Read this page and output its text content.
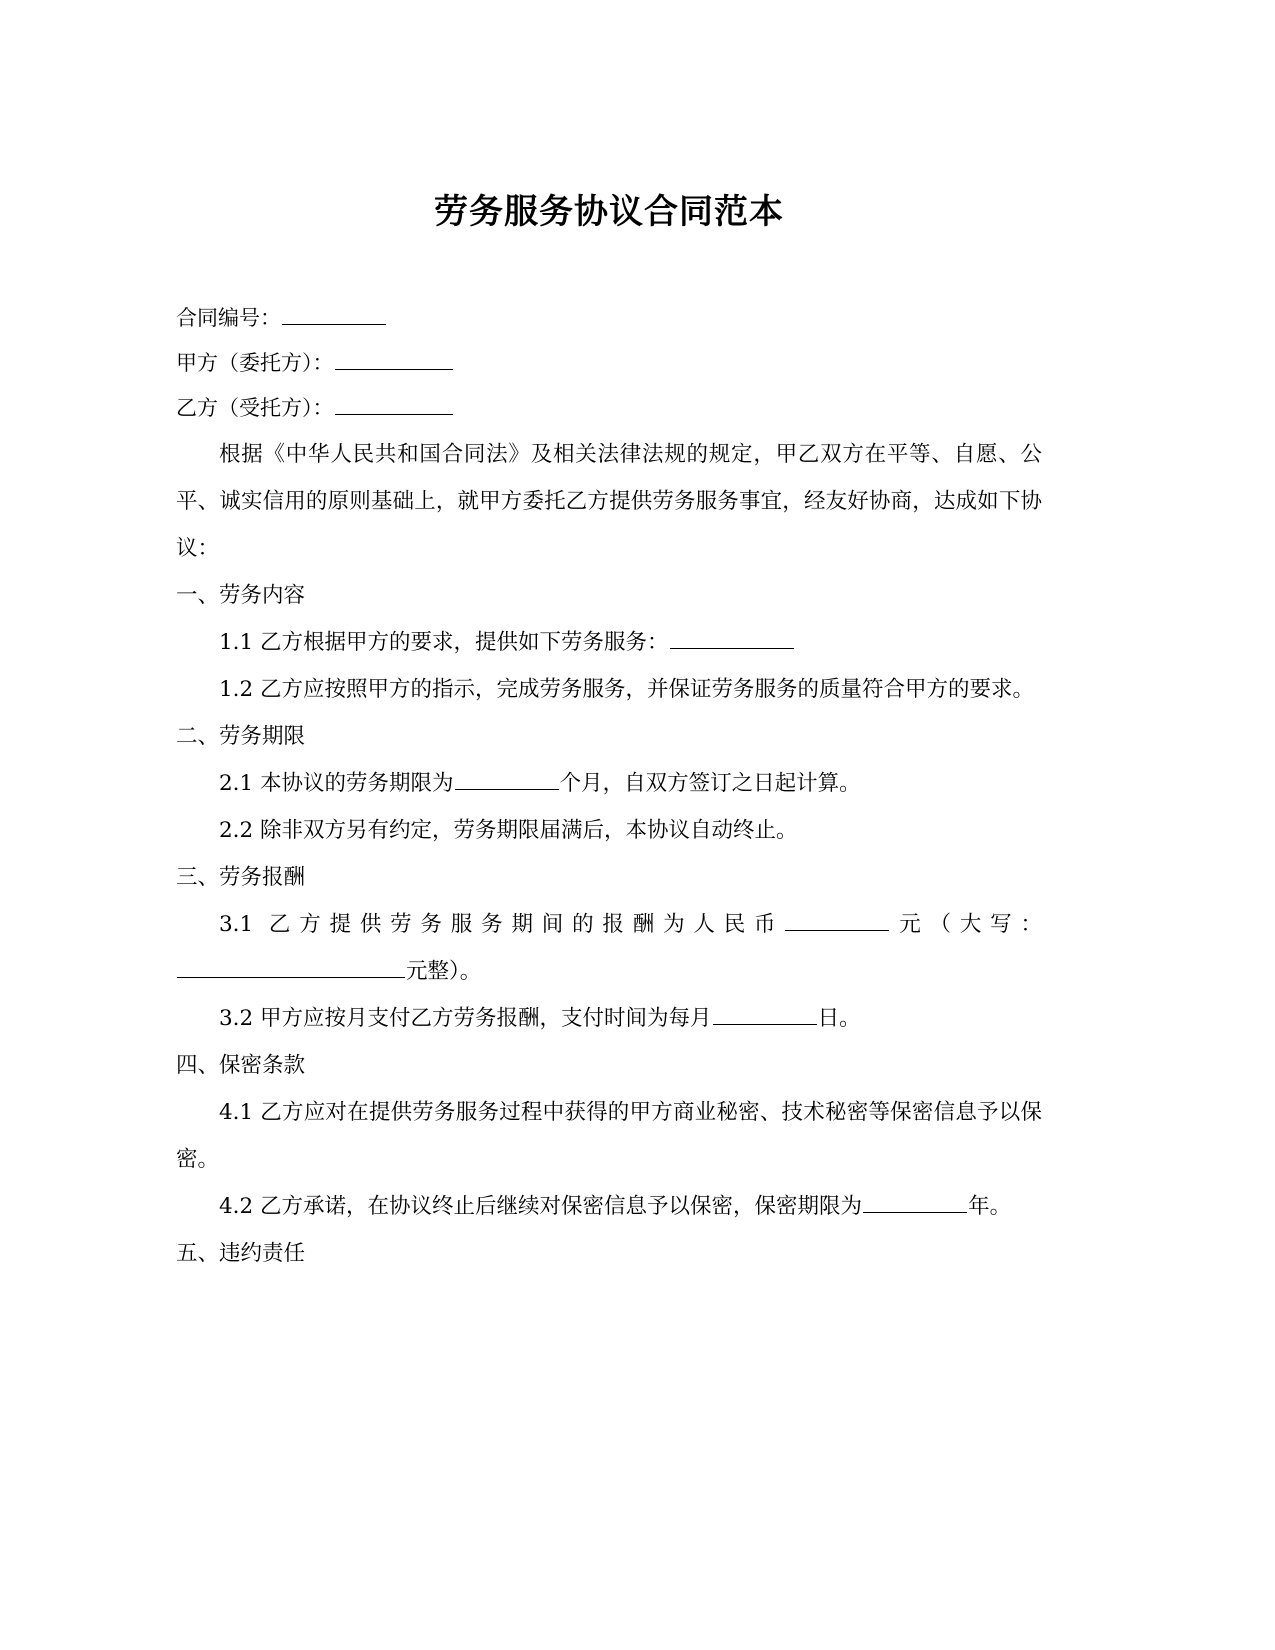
劳务服务协议合同范本
合同编号：
甲方（委托方）：
乙方（受托方）：

根据《中华人民共和国合同法》及相关法律法规的规定，甲乙双方在平等、自愿、公平、诚实信用的原则基础上，就甲方委托乙方提供劳务服务事宜，经友好协商，达成如下协议：

一、劳务内容

1.1 乙方根据甲方的要求，提供如下劳务服务：

1.2 乙方应按照甲方的指示，完成劳务服务，并保证劳务服务的质量符合甲方的要求。

二、劳务期限

2.1 本协议的劳务期限为	个月，自双方签订之日起计算。

2.2 除非双方另有约定，劳务期限届满后，本协议自动终止。

三、劳务报酬

3.1 乙方提供劳务服务期间的报酬为人民币	元（大写：元整）。

3.2 甲方应按月支付乙方劳务报酬，支付时间为每月	日。

四、保密条款

4.1 乙方应对在提供劳务服务过程中获得的甲方商业秘密、技术秘密等保密信息予以保密。

4.2 乙方承诺，在协议终止后继续对保密信息予以保密，保密期限为	年。

五、违约责任
